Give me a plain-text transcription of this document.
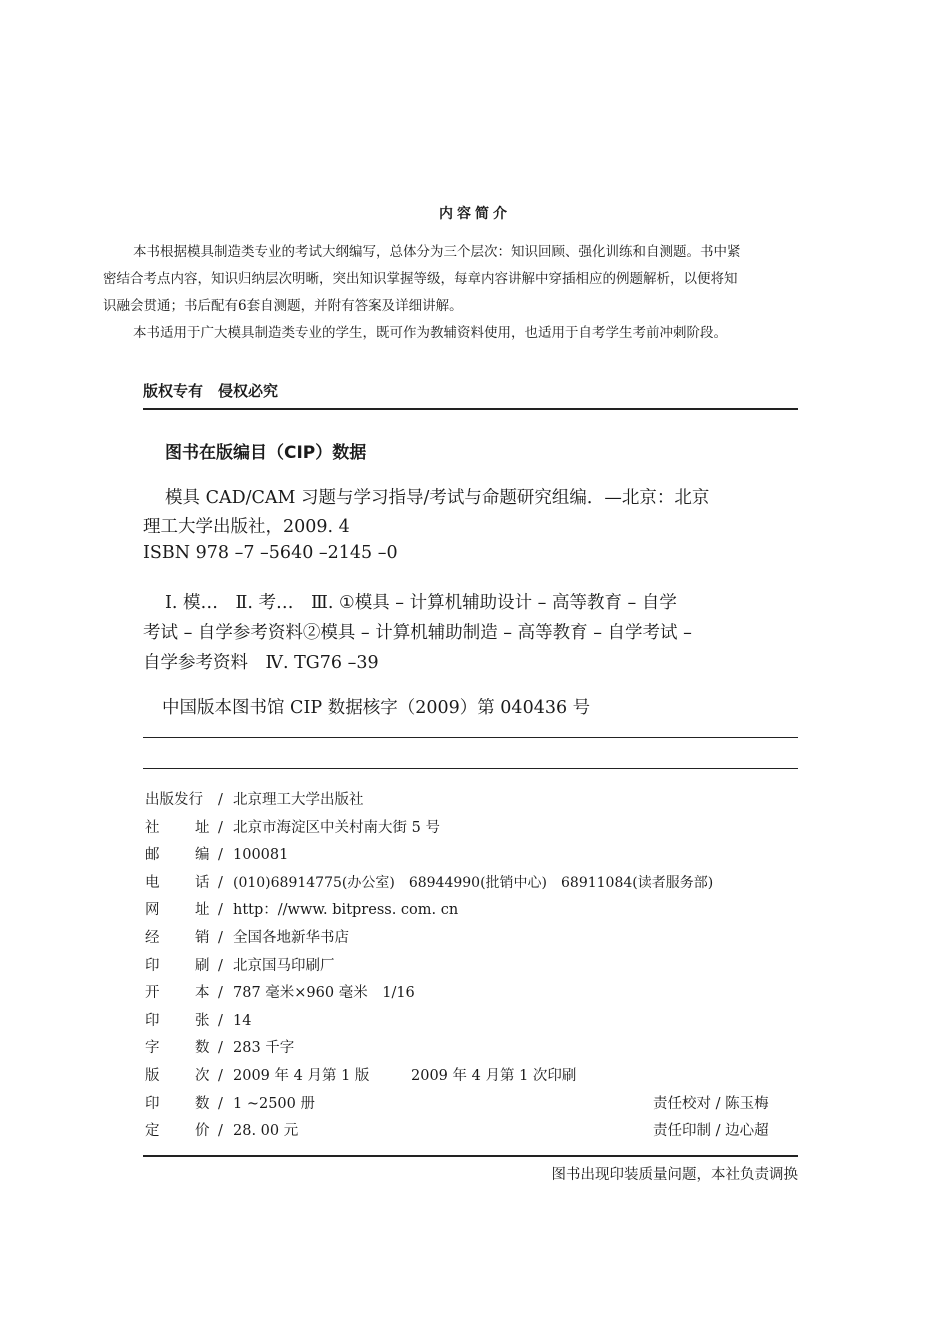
内容简介

本书根据模具制造类专业的考试大纲编写，总体分为三个层次：知识回顾、强化训练和自测题。书中紧

密结合考点内容，知识归纳层次明晰，突出知识掌握等级，每章内容讲解中穿插相应的例题解析，以便将知

识融会贯通；书后配有6套自测题，并附有答案及详细讲解。

本书适用于广大模具制造类专业的学生，既可作为教辅资料使用，也适用于自考学生考前冲刺阶段。

版权专有　侵权必究
图书在版编目（CIP）数据
模具 CAD/CAM 习题与学习指导/考试与命题研究组编．—北京：北京
理工大学出版社，2009. 4
ISBN 978 –7 –5640 –2145 –0
Ⅰ. 模…　Ⅱ. 考…　Ⅲ. ①模具 – 计算机辅助设计 – 高等教育 – 自学
考试 – 自学参考资料②模具 – 计算机辅助制造 – 高等教育 – 自学考试 –
自学参考资料　Ⅳ. TG76 –39
中国版本图书馆 CIP 数据核字（2009）第 040436 号
出版发行 / 北京理工大学出版社
社 址 / 北京市海淀区中关村南大街 5 号
邮 编 / 100081
电 话 / (010)68914775(办公室)　68944990(批销中心)　68911084(读者服务部)
网 址 / http：//www. bitpress. com. cn
经 销 / 全国各地新华书店
印 刷 / 北京国马印刷厂
开 本 / 787 毫米×960 毫米　1/16
印 张 / 14
字 数 / 283 千字
版 次 / 2009 年 4 月第 1 版	2009 年 4 月第 1 次印刷
印 数 / 1 ~2500 册	责任校对 / 陈玉梅
定 价 / 28. 00 元	责任印制 / 边心超
图书出现印装质量问题，本社负责调换
